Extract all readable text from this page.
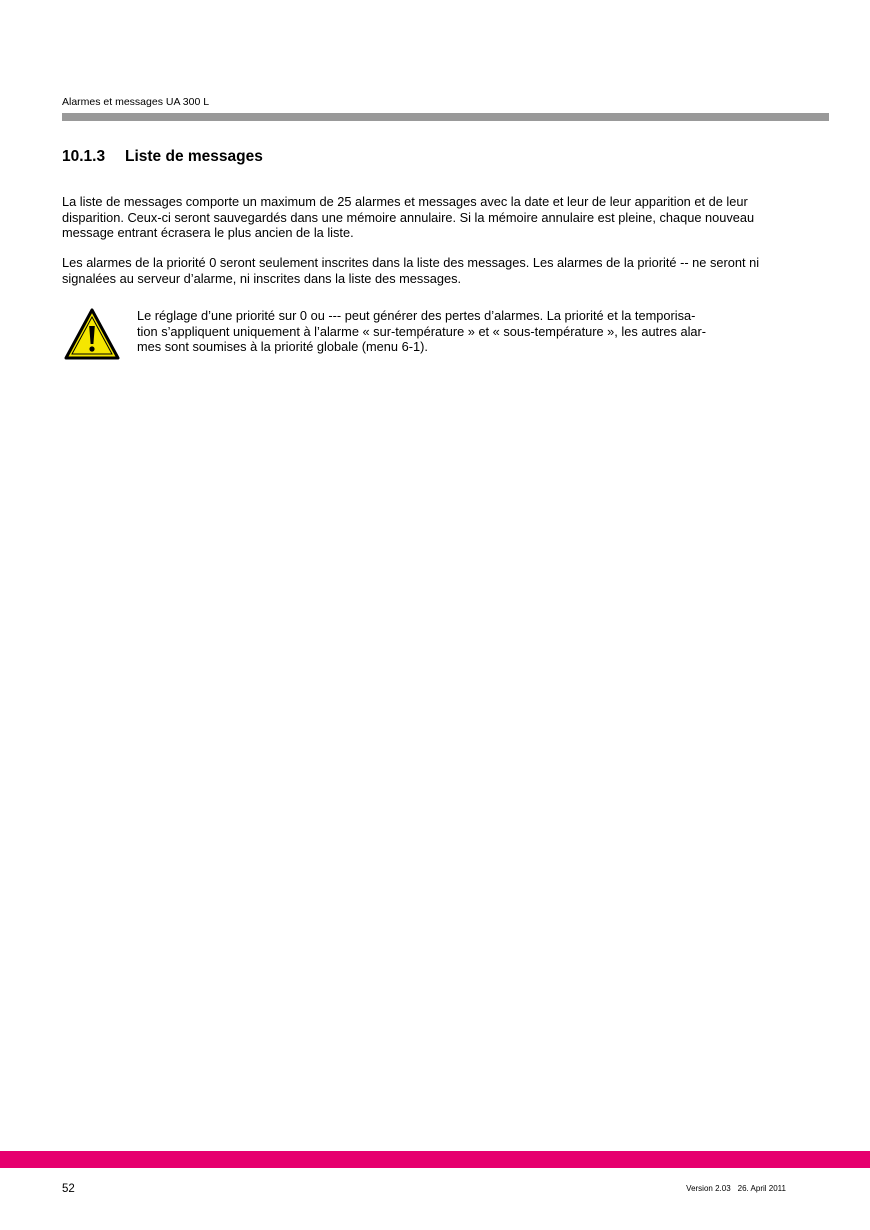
Alarmes et messages UA 300 L
10.1.3 Liste de messages

La liste de messages comporte un maximum de 25 alarmes et messages avec la date et leur de leur apparition et de leur disparition. Ceux-ci seront sauvegardés dans une mémoire annulaire. Si la mémoire annulaire est pleine, chaque nouveau message entrant écrasera le plus ancien de la liste.

Les alarmes de la priorité 0 seront seulement inscrites dans la liste des messages. Les alarmes de la priorité -- ne seront ni signalées au serveur d’alarme, ni inscrites dans la liste des messages.

Le réglage d’une priorité sur 0 ou --- peut générer des pertes d’alarmes. La priorité et la temporisa-
tion s’appliquent uniquement à l’alarme « sur-température » et « sous-température », les autres alar-
mes sont soumises à la priorité globale (menu 6-1).
52	Version 2.03 26. April 2011
